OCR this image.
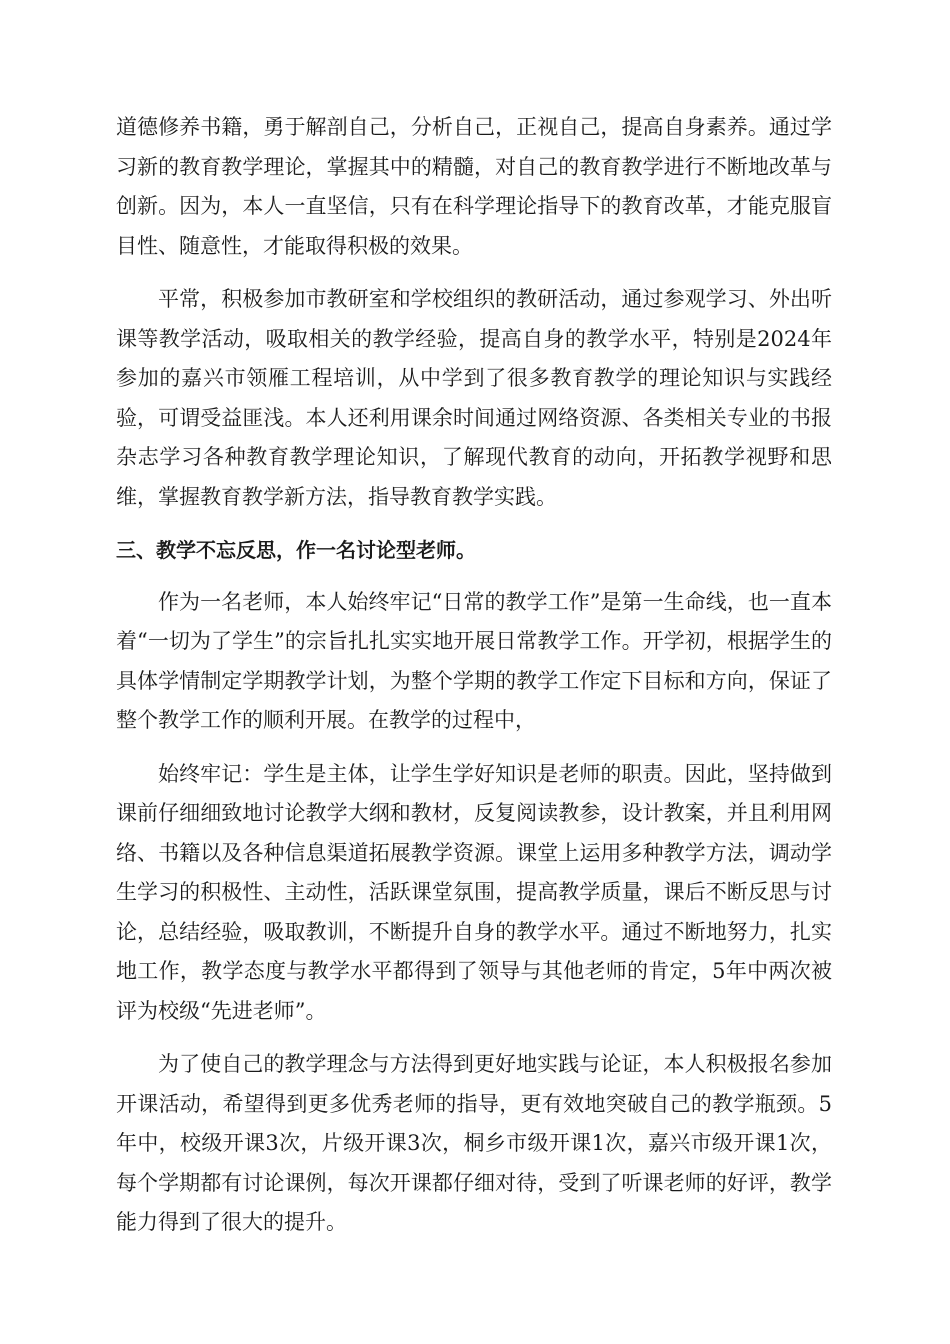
道德修养书籍，勇于解剖自己，分析自己，正视自己，提高自身素养。通过学习新的教育教学理论，掌握其中的精髓，对自己的教育教学进行不断地改革与创新。因为，本人一直坚信，只有在科学理论指导下的教育改革，才能克服盲目性、随意性，才能取得积极的效果。

平常，积极参加市教研室和学校组织的教研活动，通过参观学习、外出听课等教学活动，吸取相关的教学经验，提高自身的教学水平，特别是2024年参加的嘉兴市领雁工程培训，从中学到了很多教育教学的理论知识与实践经验，可谓受益匪浅。本人还利用课余时间通过网络资源、各类相关专业的书报杂志学习各种教育教学理论知识，了解现代教育的动向，开拓教学视野和思维，掌握教育教学新方法，指导教育教学实践。

三、教学不忘反思，作一名讨论型老师。

作为一名老师，本人始终牢记“日常的教学工作”是第一生命线，也一直本着“一切为了学生”的宗旨扎扎实实地开展日常教学工作。开学初，根据学生的具体学情制定学期教学计划，为整个学期的教学工作定下目标和方向，保证了整个教学工作的顺利开展。在教学的过程中，

始终牢记：学生是主体，让学生学好知识是老师的职责。因此，坚持做到课前仔细细致地讨论教学大纲和教材，反复阅读教参，设计教案，并且利用网络、书籍以及各种信息渠道拓展教学资源。课堂上运用多种教学方法，调动学生学习的积极性、主动性，活跃课堂氛围，提高教学质量，课后不断反思与讨论，总结经验，吸取教训，不断提升自身的教学水平。通过不断地努力，扎实地工作，教学态度与教学水平都得到了领导与其他老师的肯定，5年中两次被评为校级“先进老师”。

为了使自己的教学理念与方法得到更好地实践与论证，本人积极报名参加开课活动，希望得到更多优秀老师的指导，更有效地突破自己的教学瓶颈。5年中，校级开课3次，片级开课3次，桐乡市级开课1次，嘉兴市级开课1次，每个学期都有讨论课例，每次开课都仔细对待，受到了听课老师的好评，教学能力得到了很大的提升。
